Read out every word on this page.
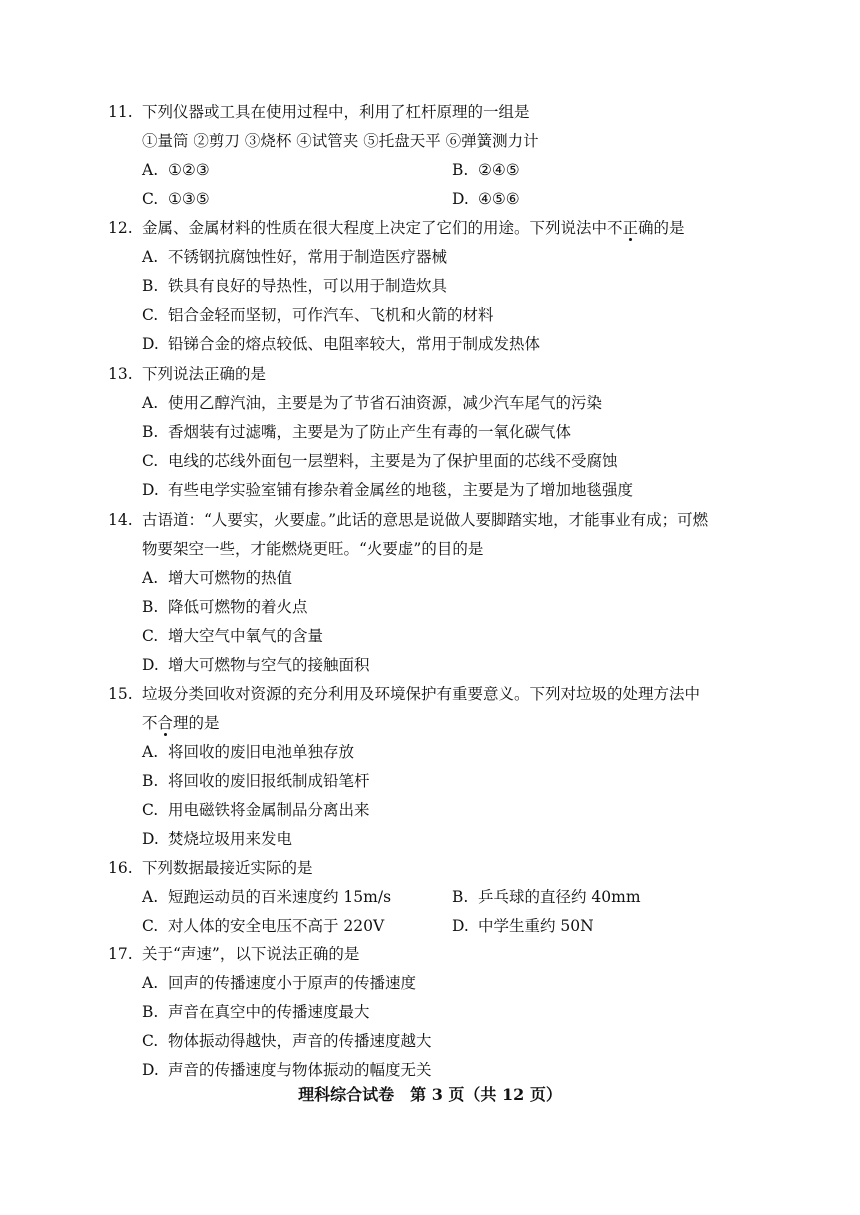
11. 下列仪器或工具在使用过程中，利用了杠杆原理的一组是
①量筒 ②剪刀 ③烧杯 ④试管夹 ⑤托盘天平 ⑥弹簧测力计
A. ①②③	B. ②④⑤
C. ①③⑤	D. ④⑤⑥
12. 金属、金属材料的性质在很大程度上决定了它们的用途。下列说法中不正确的是
A. 不锈钢抗腐蚀性好，常用于制造医疗器械
B. 铁具有良好的导热性，可以用于制造炊具
C. 铝合金轻而坚韧，可作汽车、飞机和火箭的材料
D. 铅锑合金的熔点较低、电阻率较大，常用于制成发热体
13. 下列说法正确的是
A. 使用乙醇汽油，主要是为了节省石油资源，减少汽车尾气的污染
B. 香烟装有过滤嘴，主要是为了防止产生有毒的一氧化碳气体
C. 电线的芯线外面包一层塑料，主要是为了保护里面的芯线不受腐蚀
D. 有些电学实验室铺有掺杂着金属丝的地毯，主要是为了增加地毯强度
14. 古语道：“人要实，火要虚。”此话的意思是说做人要脚踏实地，才能事业有成；可燃
物要架空一些，才能燃烧更旺。“火要虚”的目的是
A. 增大可燃物的热值
B. 降低可燃物的着火点
C. 增大空气中氧气的含量
D. 增大可燃物与空气的接触面积
15. 垃圾分类回收对资源的充分利用及环境保护有重要意义。下列对垃圾的处理方法中
不合理的是
A. 将回收的废旧电池单独存放
B. 将回收的废旧报纸制成铅笔杆
C. 用电磁铁将金属制品分离出来
D. 焚烧垃圾用来发电
16. 下列数据最接近实际的是
A. 短跑运动员的百米速度约 15m/s	B. 乒乓球的直径约 40mm
C. 对人体的安全电压不高于 220V	D. 中学生重约 50N
17. 关于“声速”，以下说法正确的是
A. 回声的传播速度小于原声的传播速度
B. 声音在真空中的传播速度最大
C. 物体振动得越快，声音的传播速度越大
D. 声音的传播速度与物体振动的幅度无关
理科综合试卷　第 3 页（共 12 页）
